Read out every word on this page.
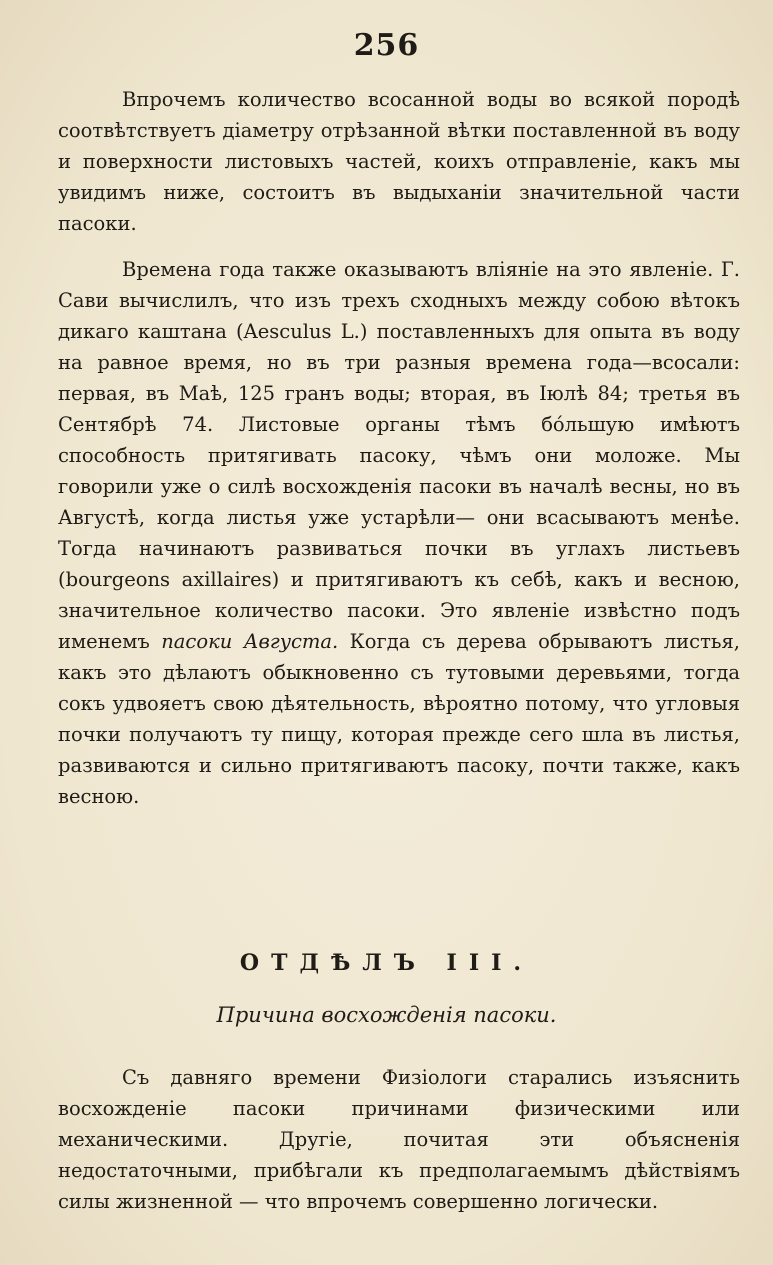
256

Впрочемъ количество всосанной воды во всякой породѣ соотвѣтствуетъ діаметру отрѣзанной вѣтки поставленной въ воду и поверхности листовыхъ частей, коихъ отправленіе, какъ мы увидимъ ниже, состоитъ въ выдыханіи значительной части пасоки.

Времена года также оказываютъ вліяніе на это явленіе. Г. Сави вычислилъ, что изъ трехъ сходныхъ между собою вѣтокъ дикаго каштана (Aesculus L.) поставленныхъ для опыта въ воду на равное время, но въ три разныя времена года—всосали: первая, въ Маѣ, 125 гранъ воды; вторая, въ Іюлѣ 84; третья въ Сентябрѣ 74. Листовые органы тѣмъ бо́льшую имѣютъ способность притягивать пасоку, чѣмъ они моложе. Мы говорили уже о силѣ восхожденія пасоки въ началѣ весны, но въ Августѣ, когда листья уже устарѣли— они всасываютъ менѣе. Тогда начинаютъ развиваться почки въ углахъ листьевъ (bourgeons axillaires) и притягиваютъ къ себѣ, какъ и весною, значительное количество пасоки. Это явленіе извѣстно подъ именемъ пасоки Августа. Когда съ дерева обрываютъ листья, какъ это дѣлаютъ обыкновенно съ тутовыми деревьями, тогда сокъ удвояетъ свою дѣятельность, вѣроятно потому, что угловыя почки получаютъ ту пищу, которая прежде сего шла въ листья, развиваются и сильно притягиваютъ пасоку, почти также, какъ весною.

ОТДѢЛЪ III.
Причина восхожденія пасоки.

Съ давняго времени Физіологи старались изъяснить восхожденіе пасоки причинами физическими или механическими. Другіе, почитая эти объясненія недостаточными, прибѣгали къ предполагаемымъ дѣйствіямъ силы жизненной — что впрочемъ совершенно логически.
